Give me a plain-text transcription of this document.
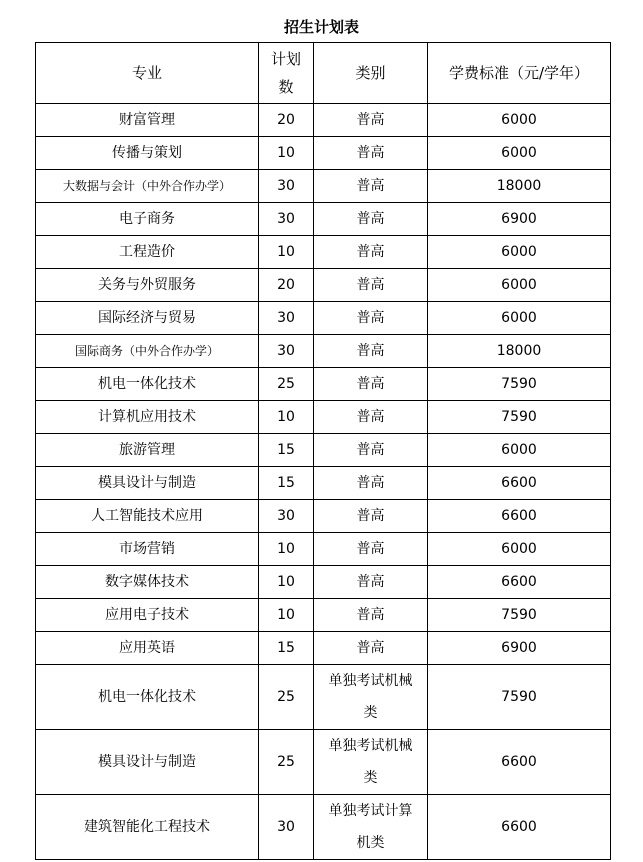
招生计划表
专业	计划数	类别	学费标准（元/学年）
财富管理	20	普高	6000
传播与策划	10	普高	6000
大数据与会计（中外合作办学）	30	普高	18000
电子商务	30	普高	6900
工程造价	10	普高	6000
关务与外贸服务	20	普高	6000
国际经济与贸易	30	普高	6000
国际商务（中外合作办学）	30	普高	18000
机电一体化技术	25	普高	7590
计算机应用技术	10	普高	7590
旅游管理	15	普高	6000
模具设计与制造	15	普高	6600
人工智能技术应用	30	普高	6600
市场营销	10	普高	6000
数字媒体技术	10	普高	6600
应用电子技术	10	普高	7590
应用英语	15	普高	6900
机电一体化技术	25	单独考试机械类	7590
模具设计与制造	25	单独考试机械类	6600
建筑智能化工程技术	30	单独考试计算机类	6600
